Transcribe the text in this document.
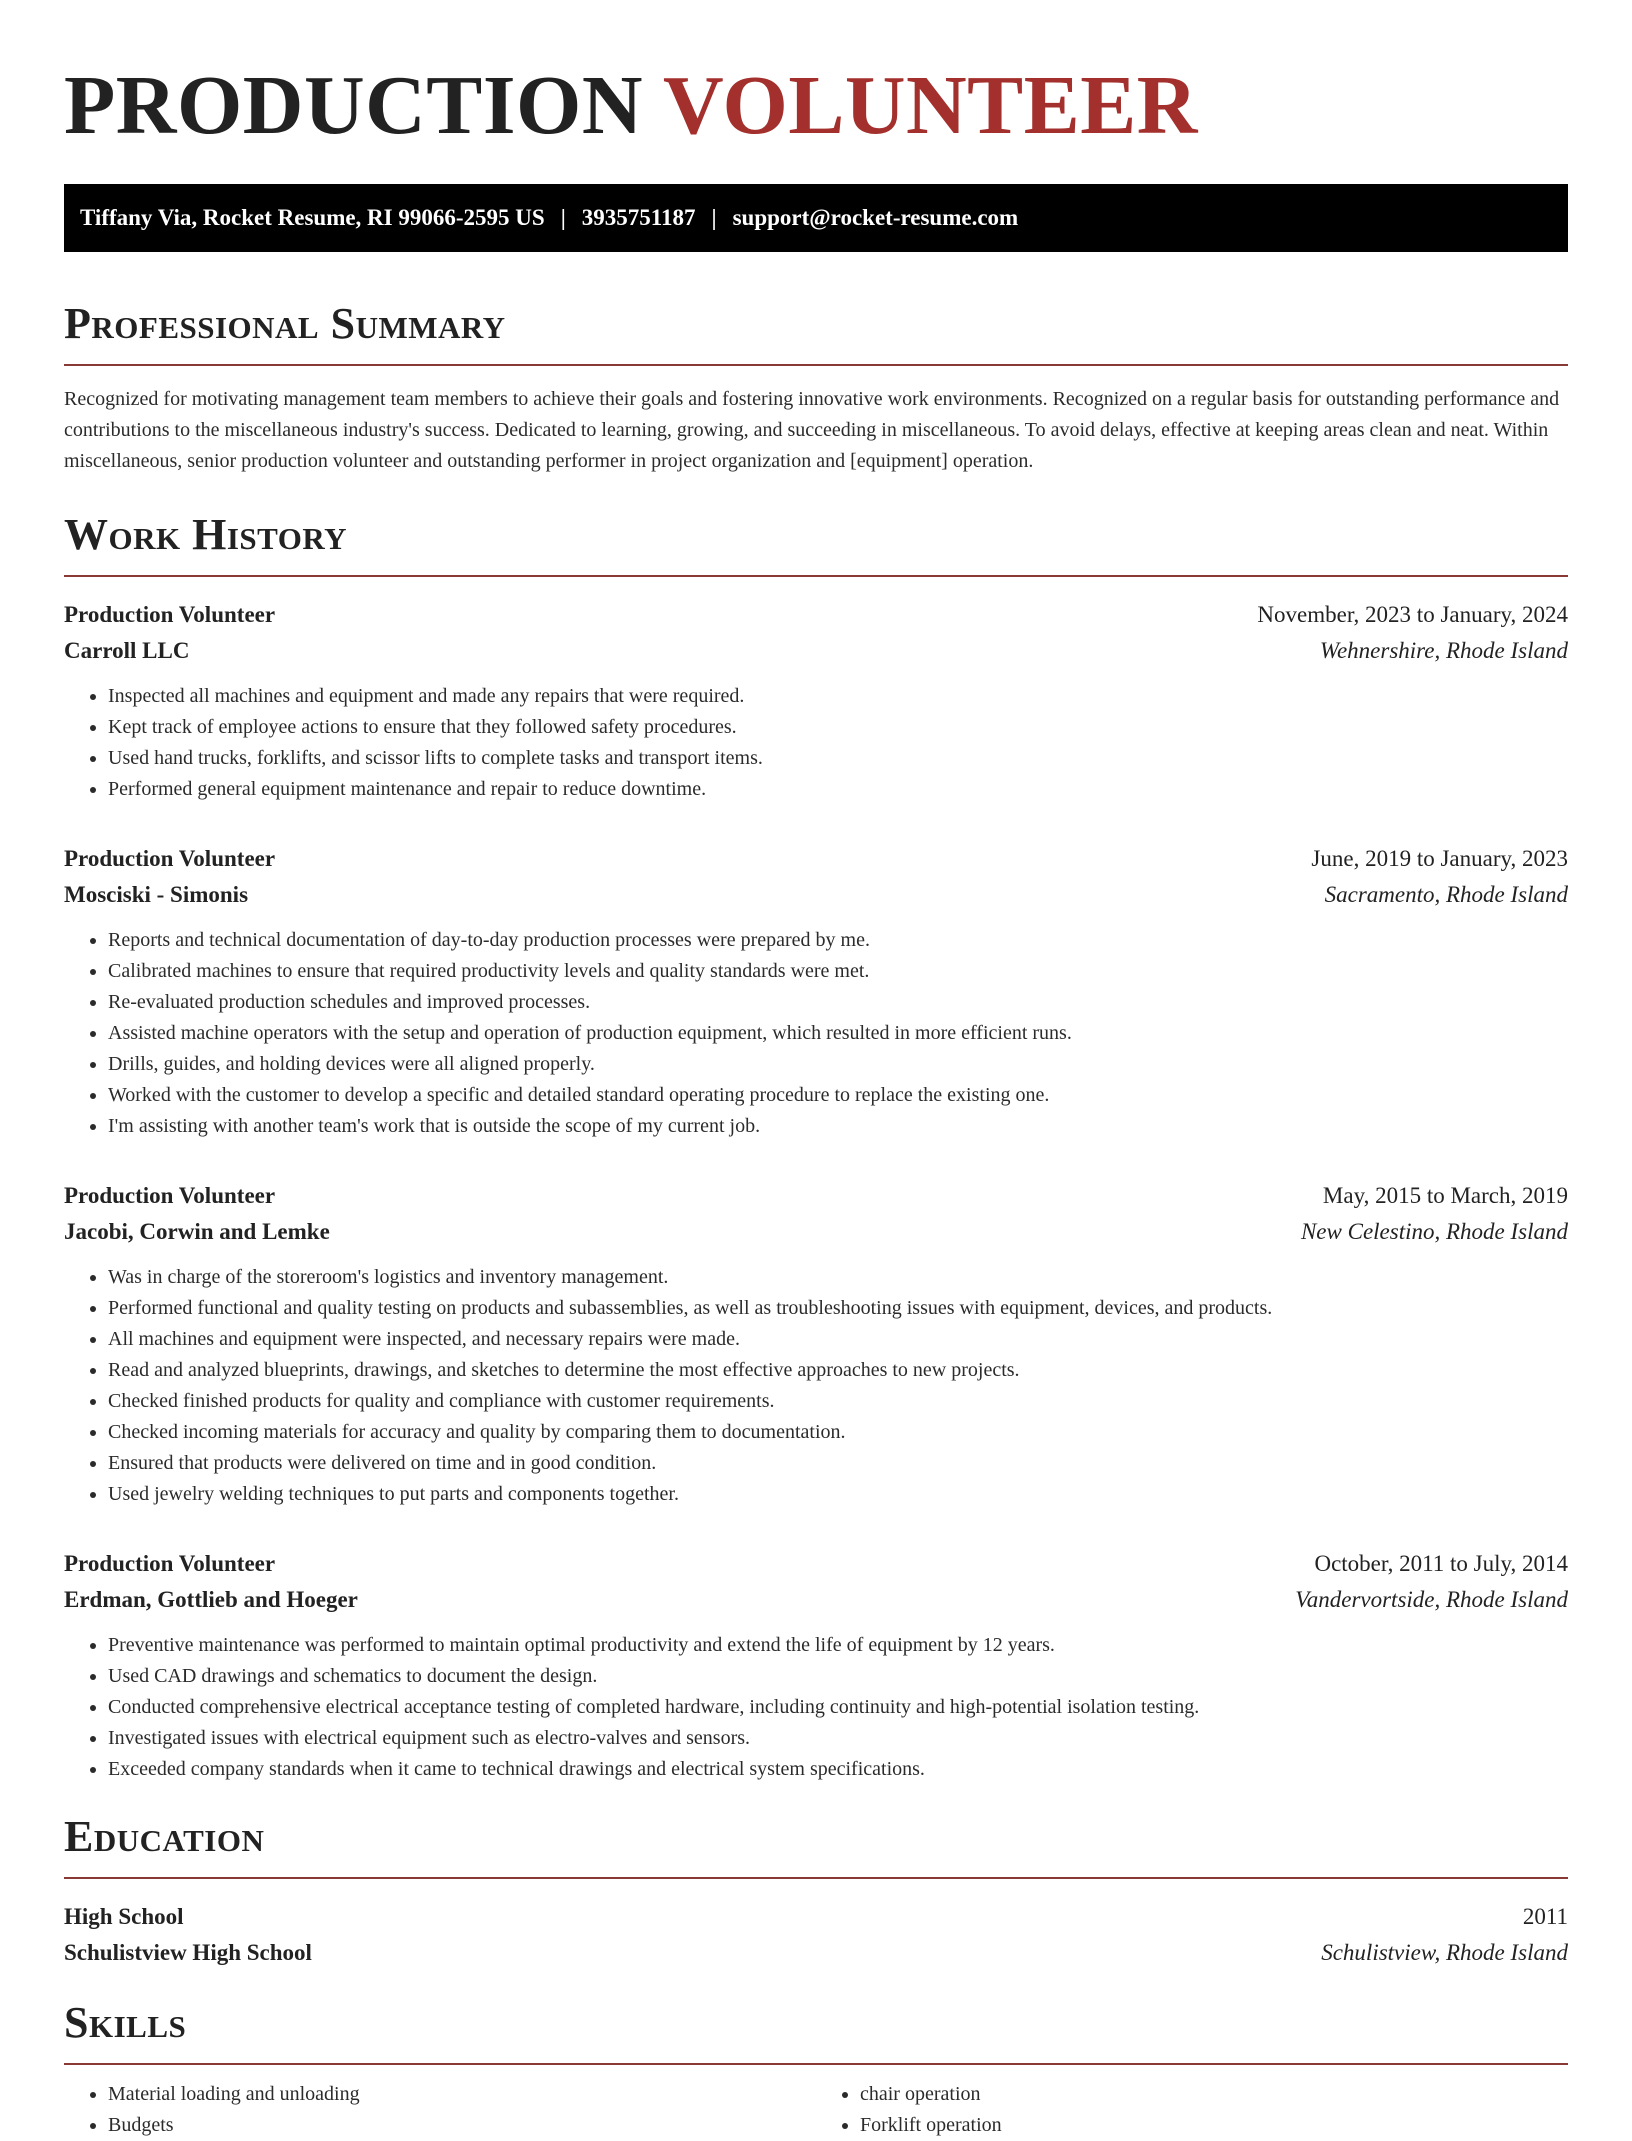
PRODUCTION VOLUNTEER
Tiffany Via, Rocket Resume, RI 99066-2595 US | 3935751187 | support@rocket-resume.com
Professional Summary

Recognized for motivating management team members to achieve their goals and fostering innovative work environments. Recognized on a regular basis for outstanding performance and contributions to the miscellaneous industry's success. Dedicated to learning, growing, and succeeding in miscellaneous. To avoid delays, effective at keeping areas clean and neat. Within miscellaneous, senior production volunteer and outstanding performer in project organization and [equipment] operation.

Work History
Production Volunteer	November, 2023 to January, 2024
Carroll LLC	Wehnershire, Rhode Island
• Inspected all machines and equipment and made any repairs that were required.
• Kept track of employee actions to ensure that they followed safety procedures.
• Used hand trucks, forklifts, and scissor lifts to complete tasks and transport items.
• Performed general equipment maintenance and repair to reduce downtime.
Production Volunteer	June, 2019 to January, 2023
Mosciski - Simonis	Sacramento, Rhode Island
• Reports and technical documentation of day-to-day production processes were prepared by me.
• Calibrated machines to ensure that required productivity levels and quality standards were met.
• Re-evaluated production schedules and improved processes.
• Assisted machine operators with the setup and operation of production equipment, which resulted in more efficient runs.
• Drills, guides, and holding devices were all aligned properly.
• Worked with the customer to develop a specific and detailed standard operating procedure to replace the existing one.
• I'm assisting with another team's work that is outside the scope of my current job.
Production Volunteer	May, 2015 to March, 2019
Jacobi, Corwin and Lemke	New Celestino, Rhode Island
• Was in charge of the storeroom's logistics and inventory management.
• Performed functional and quality testing on products and subassemblies, as well as troubleshooting issues with equipment, devices, and products.
• All machines and equipment were inspected, and necessary repairs were made.
• Read and analyzed blueprints, drawings, and sketches to determine the most effective approaches to new projects.
• Checked finished products for quality and compliance with customer requirements.
• Checked incoming materials for accuracy and quality by comparing them to documentation.
• Ensured that products were delivered on time and in good condition.
• Used jewelry welding techniques to put parts and components together.
Production Volunteer	October, 2011 to July, 2014
Erdman, Gottlieb and Hoeger	Vandervortside, Rhode Island
• Preventive maintenance was performed to maintain optimal productivity and extend the life of equipment by 12 years.
• Used CAD drawings and schematics to document the design.
• Conducted comprehensive electrical acceptance testing of completed hardware, including continuity and high-potential isolation testing.
• Investigated issues with electrical equipment such as electro-valves and sensors.
• Exceeded company standards when it came to technical drawings and electrical system specifications.
Education
High School	2011
Schulistview High School	Schulistview, Rhode Island
Skills
• Material loading and unloading
• Budgets
• chair operation
• Forklift operation
